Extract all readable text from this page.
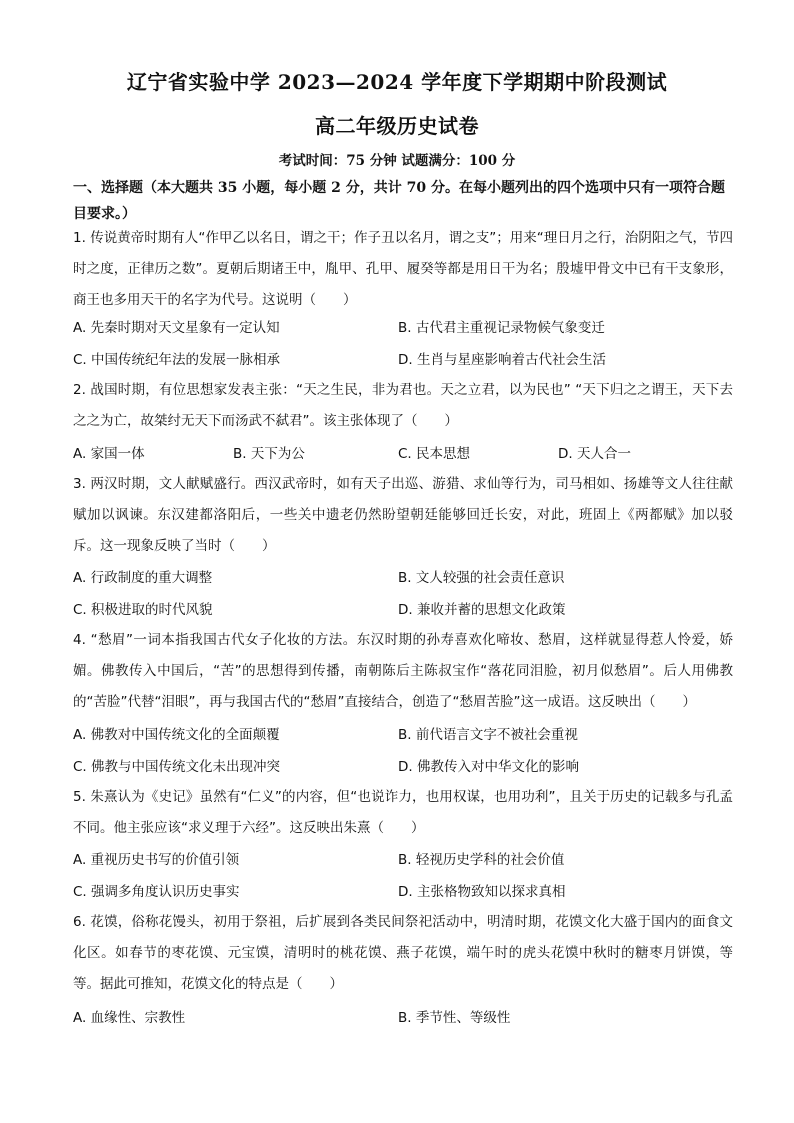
辽宁省实验中学 2023—2024 学年度下学期期中阶段测试
高二年级历史试卷
考试时间：75 分钟 试题满分：100 分
一、选择题（本大题共 35 小题，每小题 2 分，共计 70 分。在每小题列出的四个选项中只有一项符合题目要求。）
1. 传说黄帝时期有人“作甲乙以名日，谓之干；作子丑以名月，谓之支”；用来“理日月之行，治阴阳之气，节四时之度，正律历之数”。夏朝后期诸王中，胤甲、孔甲、履癸等都是用日干为名；殷墟甲骨文中已有干支象形，商王也多用天干的名字为代号。这说明（　　）
A. 先秦时期对天文星象有一定认知	B. 古代君主重视记录物候气象变迁
C. 中国传统纪年法的发展一脉相承	D. 生肖与星座影响着古代社会生活
2. 战国时期，有位思想家发表主张：“天之生民，非为君也。天之立君，以为民也” “天下归之之谓王，天下去之之为亡，故桀纣无天下而汤武不弑君”。该主张体现了（　　）
A. 家国一体	B. 天下为公	C. 民本思想	D. 天人合一
3. 两汉时期，文人献赋盛行。西汉武帝时，如有天子出巡、游猎、求仙等行为，司马相如、扬雄等文人往往献赋加以讽谏。东汉建都洛阳后，一些关中遗老仍然盼望朝廷能够回迁长安，对此，班固上《两都赋》加以驳斥。这一现象反映了当时（　　）
A. 行政制度的重大调整	B. 文人较强的社会责任意识
C. 积极进取的时代风貌	D. 兼收并蓄的思想文化政策
4. “愁眉”一词本指我国古代女子化妆的方法。东汉时期的孙寿喜欢化啼妆、愁眉，这样就显得惹人怜爱，娇媚。佛教传入中国后，“苦”的思想得到传播，南朝陈后主陈叔宝作“落花同泪脸，初月似愁眉”。后人用佛教的“苦脸”代替“泪眼”，再与我国古代的“愁眉”直接结合，创造了“愁眉苦脸”这一成语。这反映出（　　）
A. 佛教对中国传统文化的全面颠覆	B. 前代语言文字不被社会重视
C. 佛教与中国传统文化未出现冲突	D. 佛教传入对中华文化的影响
5. 朱熹认为《史记》虽然有“仁义”的内容，但“也说诈力，也用权谋，也用功利”，且关于历史的记载多与孔孟不同。他主张应该“求义理于六经”。这反映出朱熹（　　）
A. 重视历史书写的价值引领	B. 轻视历史学科的社会价值
C. 强调多角度认识历史事实	D. 主张格物致知以探求真相
6. 花馍，俗称花馒头，初用于祭祖，后扩展到各类民间祭祀活动中，明清时期，花馍文化大盛于国内的面食文化区。如春节的枣花馍、元宝馍，清明时的桃花馍、燕子花馍，端午时的虎头花馍中秋时的糖枣月饼馍，等等。据此可推知，花馍文化的特点是（　　）
A. 血缘性、宗教性	B. 季节性、等级性
